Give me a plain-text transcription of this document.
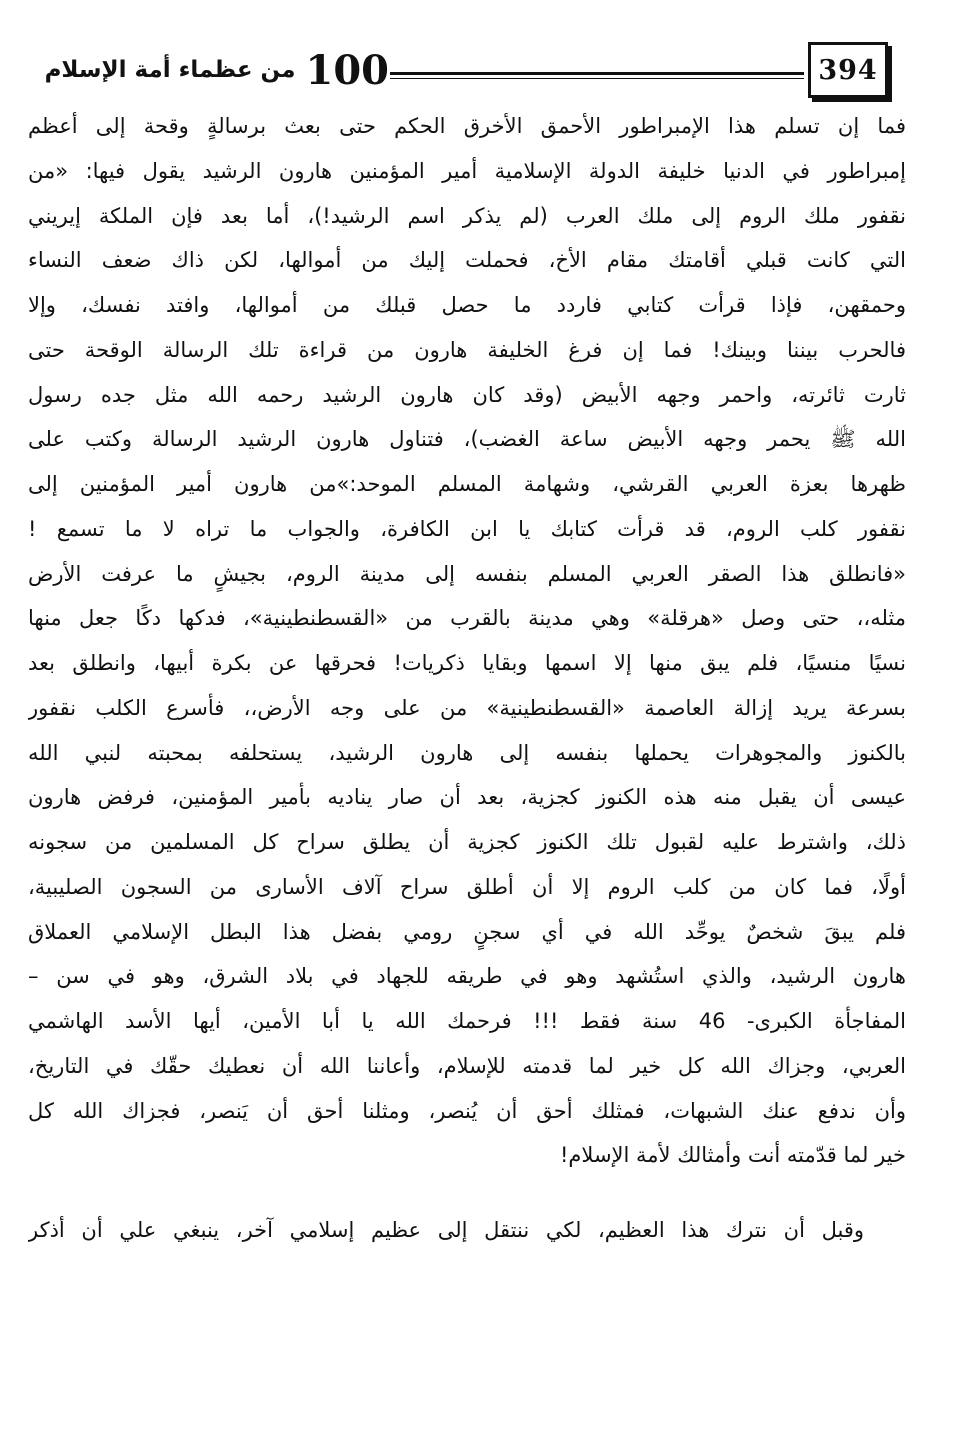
394
100
من عظماء أمة الإسلام
فما إن تسلم هذا الإمبراطور الأحمق الأخرق الحكم حتى بعث برسالةٍ وقحة إلى أعظم
إمبراطور في الدنيا خليفة الدولة الإسلامية أمير المؤمنين هارون الرشيد يقول فيها: «من
نقفور ملك الروم إلى ملك العرب (لم يذكر اسم الرشيد!)، أما بعد فإن الملكة إيريني
التي كانت قبلي أقامتك مقام الأخ، فحملت إليك من أموالها، لكن ذاك ضعف النساء
وحمقهن، فإذا قرأت كتابي فاردد ما حصل قبلك من أموالها، وافتد نفسك، وإلا
فالحرب بيننا وبينك! فما إن فرغ الخليفة هارون من قراءة تلك الرسالة الوقحة حتى
ثارت ثائرته، واحمر وجهه الأبيض (وقد كان هارون الرشيد رحمه الله مثل جده رسول
الله ﷺ يحمر وجهه الأبيض ساعة الغضب)، فتناول هارون الرشيد الرسالة وكتب على
ظهرها بعزة العربي القرشي، وشهامة المسلم الموحد:»من هارون أمير المؤمنين إلى
نقفور كلب الروم، قد قرأت كتابك يا ابن الكافرة، والجواب ما تراه لا ما تسمع !
«فانطلق هذا الصقر العربي المسلم بنفسه إلى مدينة الروم، بجيشٍ ما عرفت الأرض
مثله،، حتى وصل «هرقلة» وهي مدينة بالقرب من «القسطنطينية»، فدكها دكًا جعل منها
نسيًا منسيًا، فلم يبق منها إلا اسمها وبقايا ذكريات! فحرقها عن بكرة أبيها، وانطلق بعد
بسرعة يريد إزالة العاصمة «القسطنطينية» من على وجه الأرض،، فأسرع الكلب نقفور
بالكنوز والمجوهرات يحملها بنفسه إلى هارون الرشيد، يستحلفه بمحبته لنبي الله
عيسى أن يقبل منه هذه الكنوز كجزية، بعد أن صار يناديه بأمير المؤمنين، فرفض هارون
ذلك، واشترط عليه لقبول تلك الكنوز كجزية أن يطلق سراح كل المسلمين من سجونه
أولًا، فما كان من كلب الروم إلا أن أطلق سراح آلاف الأسارى من السجون الصليبية،
فلم يبقَ شخصٌ يوحِّد الله في أي سجنٍ رومي بفضل هذا البطل الإسلامي العملاق
هارون الرشيد، والذي استُشهد وهو في طريقه للجهاد في بلاد الشرق، وهو في سن –
المفاجأة الكبرى- 46 سنة فقط !!! فرحمك الله يا أبا الأمين، أيها الأسد الهاشمي
العربي، وجزاك الله كل خير لما قدمته للإسلام، وأعاننا الله أن نعطيك حقّك في التاريخ،
وأن ندفع عنك الشبهات، فمثلك أحق أن يُنصر، ومثلنا أحق أن يَنصر، فجزاك الله كل
خير لما قدّمته أنت وأمثالك لأمة الإسلام!
وقبل أن نترك هذا العظيم، لكي ننتقل إلى عظيم إسلامي آخر، ينبغي علي أن أذكر
